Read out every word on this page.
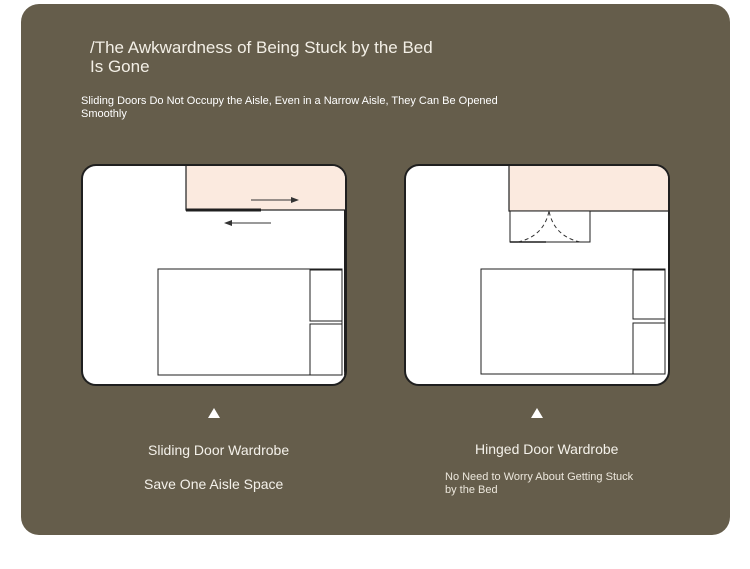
/The Awkwardness of Being Stuck by the Bed Is Gone

Sliding Doors Do Not Occupy the Aisle, Even in a Narrow Aisle, They Can Be Opened Smoothly

Sliding Door Wardrobe
Save One Aisle Space
Hinged Door Wardrobe
No Need to Worry About Getting Stuck by the Bed
